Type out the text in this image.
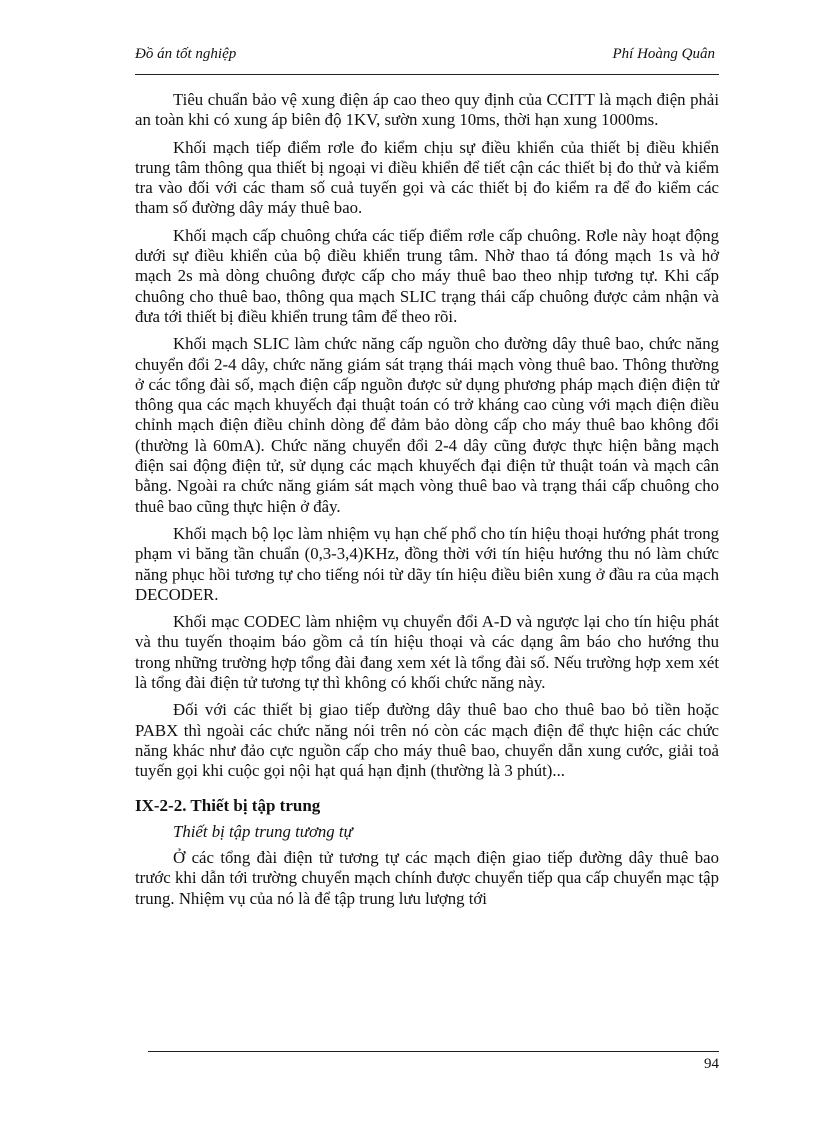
Đồ án tốt nghiệp	Phí Hoàng Quân

Tiêu chuẩn bảo vệ xung điện áp cao theo quy định của CCITT là mạch điện phải an toàn khi có xung áp biên độ 1KV, sườn xung 10ms, thời hạn xung 1000ms.

Khối mạch tiếp điểm rơle đo kiểm chịu sự điều khiển của thiết bị điều khiển trung tâm thông qua thiết bị ngoại vi điều khiển để tiết cận các thiết bị đo thử và kiểm tra vào đối với các tham số cuả tuyến gọi và các thiết bị đo kiểm ra để đo kiểm các tham số đường dây máy thuê bao.

Khối mạch cấp chuông chứa các tiếp điểm rơle cấp chuông. Rơle này hoạt động dưới sự điều khiển của bộ điều khiển trung tâm. Nhờ thao tá đóng mạch 1s và hở mạch 2s mà dòng chuông được cấp cho máy thuê bao theo nhịp tương tự. Khi cấp chuông cho thuê bao, thông qua mạch SLIC trạng thái cấp chuông được cảm nhận và đưa tới thiết bị điều khiển trung tâm để theo rõi.

Khối mạch SLIC làm chức năng cấp nguồn cho đường dây thuê bao, chức năng chuyển đổi 2-4 dây, chức năng giám sát trạng thái mạch vòng thuê bao. Thông thường ở các tổng đài số, mạch điện cấp nguồn được sử dụng phương pháp mạch điện điện tử thông qua các mạch khuyếch đại thuật toán có trở kháng cao cùng với mạch điện điều chỉnh mạch điện điều chỉnh dòng để đảm bảo dòng cấp cho máy thuê bao không đổi (thường là 60mA). Chức năng chuyển đổi 2-4 dây cũng được thực hiện bằng mạch điện sai động điện tử, sử dụng các mạch khuyếch đại điện tử thuật toán và mạch cân bằng. Ngoài ra chức năng giám sát mạch vòng thuê bao và trạng thái cấp chuông cho thuê bao cũng thực hiện ở đây.

Khối mạch bộ lọc làm nhiệm vụ hạn chế phổ cho tín hiệu thoại hướng phát trong phạm vi băng tần chuẩn (0,3-3,4)KHz, đồng thời với tín hiệu hướng thu nó làm chức năng phục hồi tương tự cho tiếng nói từ dãy tín hiệu điều biên xung ở đầu ra của mạch DECODER.

Khối mạc CODEC làm nhiệm vụ chuyển đổi A-D và ngược lại cho tín hiệu phát và thu tuyến thoạim báo gồm cả tín hiệu thoại và các dạng âm báo cho hướng thu trong những trường hợp tổng đài đang xem xét là tổng đài số. Nếu trường hợp xem xét là tổng đài điện tử tương tự thì không có khối chức năng này.

Đối với các thiết bị giao tiếp đường dây thuê bao cho thuê bao bỏ tiền hoặc PABX thì ngoài các chức năng nói trên nó còn các mạch điện để thực hiện các chức năng khác như đảo cực nguồn cấp cho máy thuê bao, chuyển dẫn xung cước, giải toả tuyến gọi khi cuộc gọi nội hạt quá hạn định (thường là 3 phút)...

IX-2-2. Thiết bị tập trung

Thiết bị tập trung tương tự

Ở các tổng đài điện tử tương tự các mạch điện giao tiếp đường dây thuê bao trước khi dẫn tới trường chuyển mạch chính được chuyển tiếp qua cấp chuyển mạc tập trung. Nhiệm vụ của nó là để tập trung lưu lượng tới

94
